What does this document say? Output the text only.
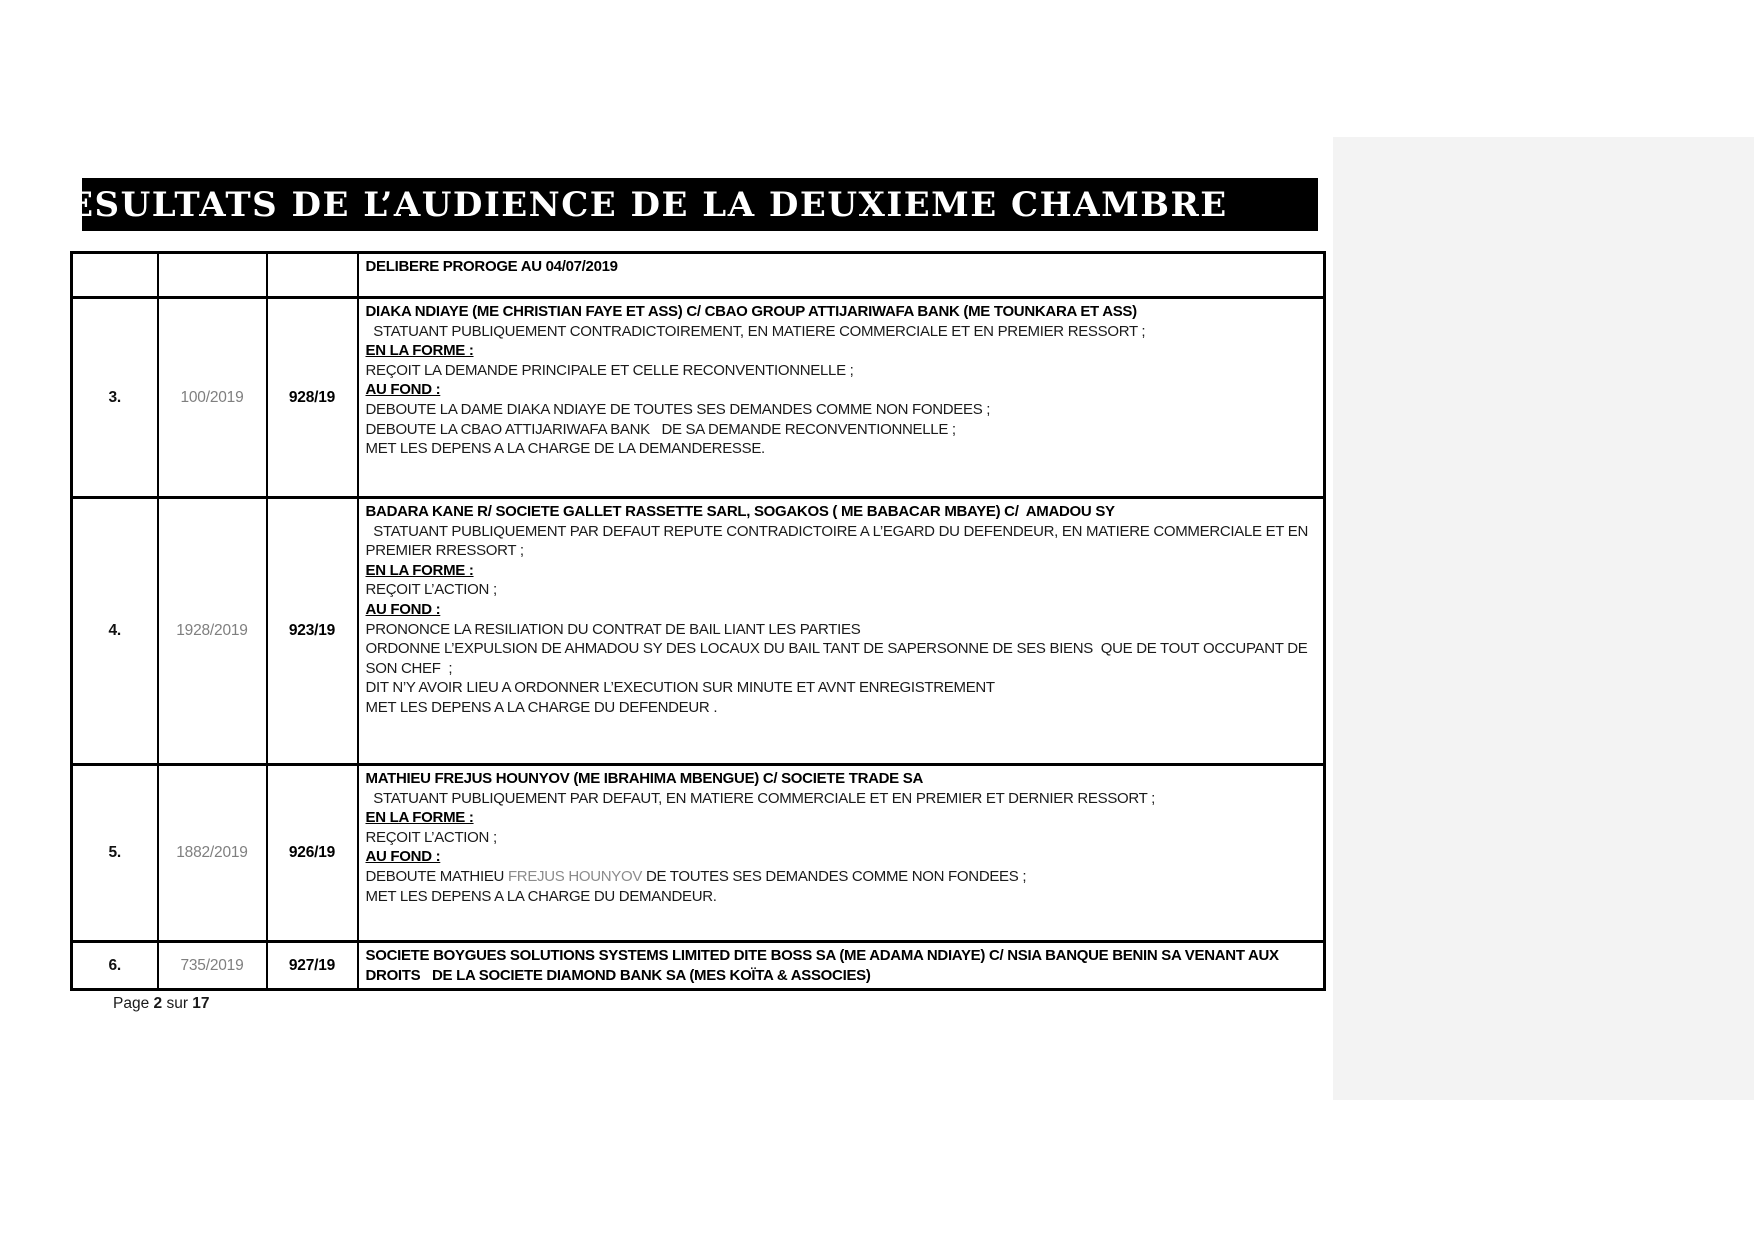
RESULTATS DE L’AUDIENCE DE LA DEUXIEME CHAMBRE

			DELIBERE PROROGE AU 04/07/2019

3.	100/2019	928/19	
DIAKA NDIAYE (ME CHRISTIAN FAYE ET ASS) C/ CBAO GROUP ATTIJARIWAFA BANK (ME TOUNKARA ET ASS)
STATUANT PUBLIQUEMENT CONTRADICTOIREMENT, EN MATIERE COMMERCIALE ET EN PREMIER RESSORT ;
EN LA FORME :
REÇOIT LA DEMANDE PRINCIPALE ET CELLE RECONVENTIONNELLE ;
AU FOND :
DEBOUTE LA DAME DIAKA NDIAYE DE TOUTES SES DEMANDES COMME NON FONDEES ;
DEBOUTE LA CBAO ATTIJARIWAFA BANK   DE SA DEMANDE RECONVENTIONNELLE ;
MET LES DEPENS A LA CHARGE DE LA DEMANDERESSE.

4.	1928/2019	923/19	
BADARA KANE R/ SOCIETE GALLET RASSETTE SARL, SOGAKOS ( ME BABACAR MBAYE) C/  AMADOU SY
STATUANT PUBLIQUEMENT PAR DEFAUT REPUTE CONTRADICTOIRE A L’EGARD DU DEFENDEUR, EN MATIERE COMMERCIALE ET EN PREMIER RRESSORT ;
EN LA FORME :
REÇOIT L’ACTION ;
AU FOND :
PRONONCE LA RESILIATION DU CONTRAT DE BAIL LIANT LES PARTIES
ORDONNE L’EXPULSION DE AHMADOU SY DES LOCAUX DU BAIL TANT DE SAPERSONNE DE SES BIENS  QUE DE TOUT OCCUPANT DE SON CHEF  ;
DIT N’Y AVOIR LIEU A ORDONNER L’EXECUTION SUR MINUTE ET AVNT ENREGISTREMENT
MET LES DEPENS A LA CHARGE DU DEFENDEUR .

5.	1882/2019	926/19	
MATHIEU FREJUS HOUNYOV (ME IBRAHIMA MBENGUE) C/ SOCIETE TRADE SA
STATUANT PUBLIQUEMENT PAR DEFAUT, EN MATIERE COMMERCIALE ET EN PREMIER ET DERNIER RESSORT ;
EN LA FORME :
REÇOIT L’ACTION ;
AU FOND :
DEBOUTE MATHIEU FREJUS HOUNYOV DE TOUTES SES DEMANDES COMME NON FONDEES ;
MET LES DEPENS A LA CHARGE DU DEMANDEUR.

6.	735/2019	927/19	SOCIETE BOYGUES SOLUTIONS SYSTEMS LIMITED DITE BOSS SA (ME ADAMA NDIAYE) C/ NSIA BANQUE BENIN SA VENANT AUX DROITS   DE LA SOCIETE DIAMOND BANK SA (MES KOÏTA & ASSOCIES)
Page 2 sur 17
